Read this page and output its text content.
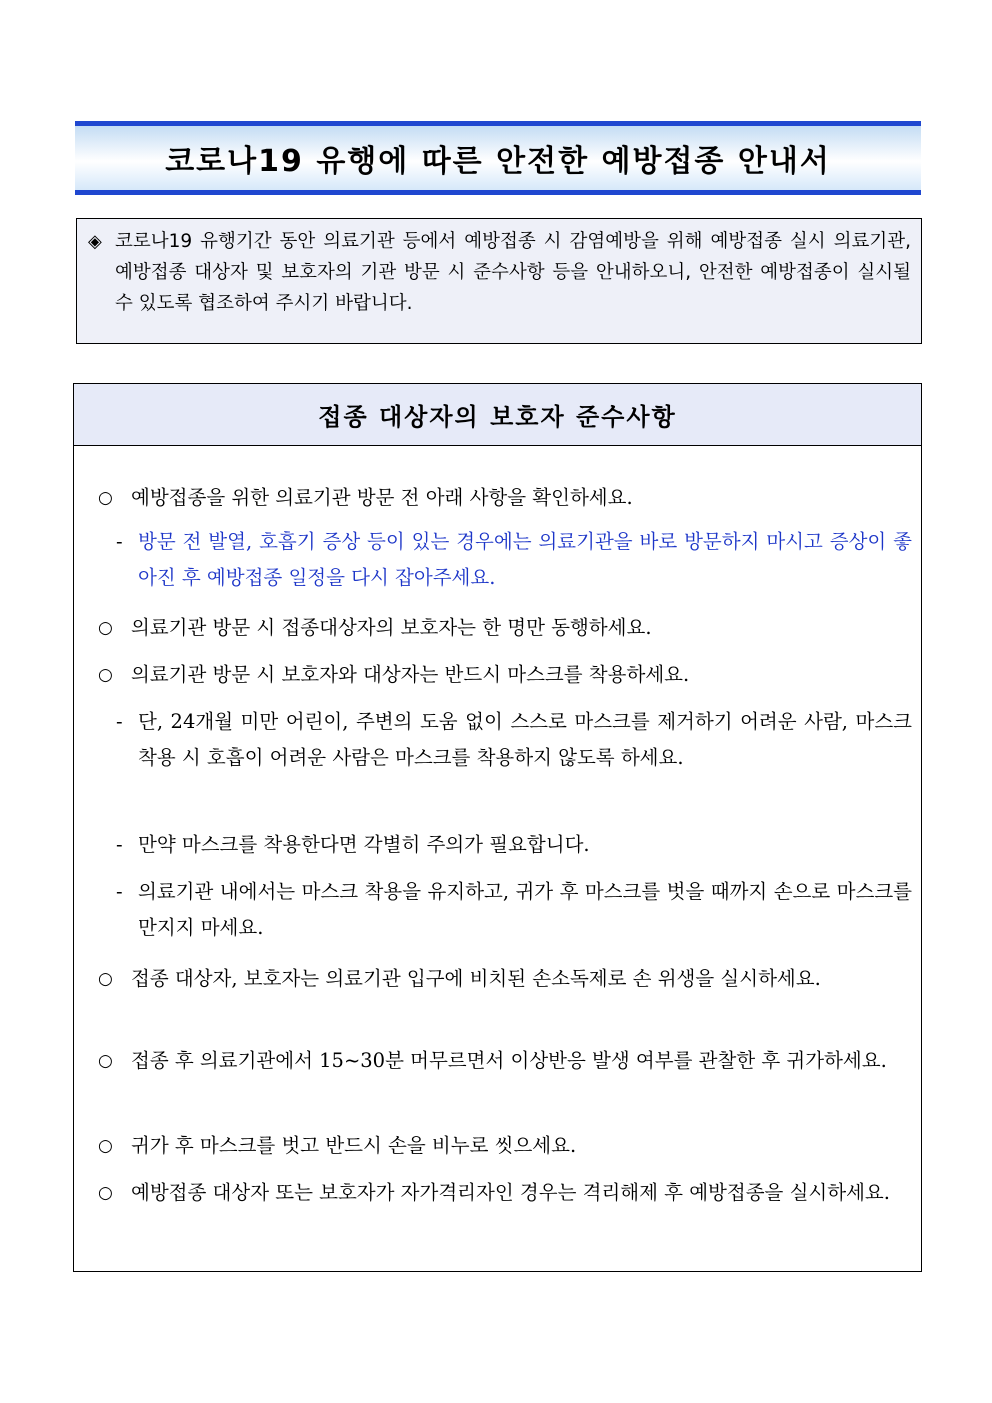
코로나19 유행에 따른 안전한 예방접종 안내서
◈ 코로나19 유행기간 동안 의료기관 등에서 예방접종 시 감염예방을 위해 예방접종 실시 의료기관, 예방접종 대상자 및 보호자의 기관 방문 시 준수사항 등을 안내하오니, 안전한 예방접종이 실시될 수 있도록 협조하여 주시기 바랍니다.
접종 대상자의 보호자 준수사항
○ 예방접종을 위한 의료기관 방문 전 아래 사항을 확인하세요.
- 방문 전 발열, 호흡기 증상 등이 있는 경우에는 의료기관을 바로 방문하지 마시고 증상이 좋아진 후 예방접종 일정을 다시 잡아주세요.
○ 의료기관 방문 시 접종대상자의 보호자는 한 명만 동행하세요.
○ 의료기관 방문 시 보호자와 대상자는 반드시 마스크를 착용하세요.
- 단, 24개월 미만 어린이, 주변의 도움 없이 스스로 마스크를 제거하기 어려운 사람, 마스크 착용 시 호흡이 어려운 사람은 마스크를 착용하지 않도록 하세요.
- 만약 마스크를 착용한다면 각별히 주의가 필요합니다.
- 의료기관 내에서는 마스크 착용을 유지하고, 귀가 후 마스크를 벗을 때까지 손으로 마스크를 만지지 마세요.
○ 접종 대상자, 보호자는 의료기관 입구에 비치된 손소독제로 손 위생을 실시하세요.
○ 접종 후 의료기관에서 15~30분 머무르면서 이상반응 발생 여부를 관찰한 후 귀가하세요.
○ 귀가 후 마스크를 벗고 반드시 손을 비누로 씻으세요.
○ 예방접종 대상자 또는 보호자가 자가격리자인 경우는 격리해제 후 예방접종을 실시하세요.
